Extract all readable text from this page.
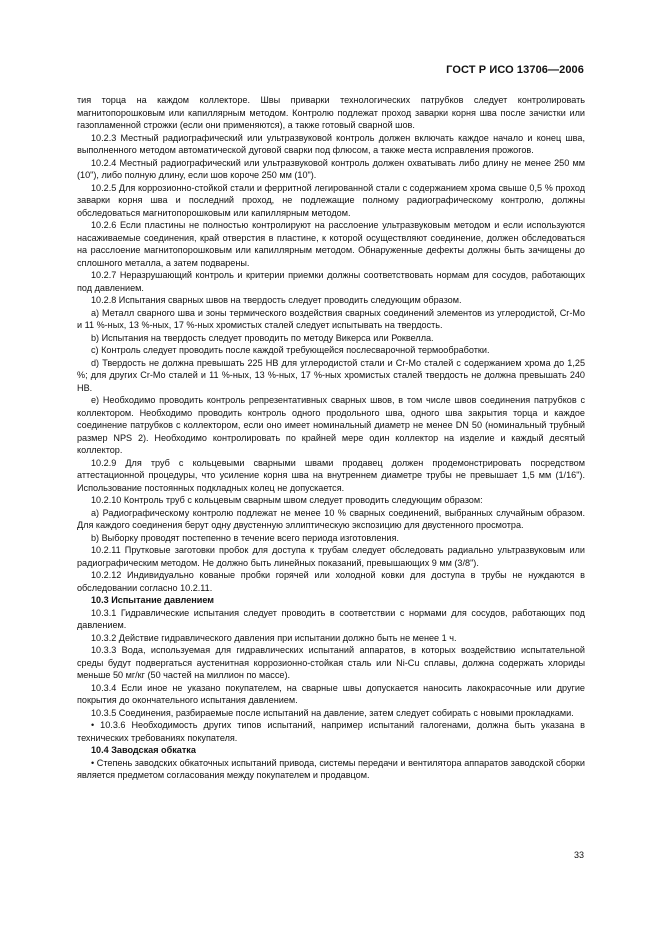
ГОСТ Р ИСО 13706—2006

тия торца на каждом коллекторе. Швы приварки технологических патрубков следует контролировать магнитопорошковым или капиллярным методом. Контролю подлежат проход заварки корня шва после зачистки или газопламенной строжки (если они применяются), а также готовый сварной шов.

10.2.3 Местный радиографический или ультразвуковой контроль должен включать каждое начало и конец шва, выполненного методом автоматической дуговой сварки под флюсом, а также места исправления прожогов.

10.2.4 Местный радиографический или ультразвуковой контроль должен охватывать либо длину не менее 250 мм (10"), либо полную длину, если шов короче 250 мм (10").

10.2.5 Для коррозионно-стойкой стали и ферритной легированной стали с содержанием хрома свыше 0,5 % проход заварки корня шва и последний проход, не подлежащие полному радиографическому контролю, должны обследоваться магнитопорошковым или капиллярным методом.

10.2.6 Если пластины не полностью контролируют на расслоение ультразвуковым методом и если используются насаживаемые соединения, край отверстия в пластине, к которой осуществляют соединение, должен обследоваться на расслоение магнитопорошковым или капиллярным методом. Обнаруженные дефекты должны быть зачищены до сплошного металла, а затем подварены.

10.2.7 Неразрушающий контроль и критерии приемки должны соответствовать нормам для сосудов, работающих под давлением.

10.2.8 Испытания сварных швов на твердость следует проводить следующим образом.

а) Металл сварного шва и зоны термического воздействия сварных соединений элементов из углеродистой, Cr-Mo и 11 %-ных, 13 %-ных, 17 %-ных хромистых сталей следует испытывать на твердость.

b) Испытания на твердость следует проводить по методу Викерса или Роквелла.

c) Контроль следует проводить после каждой требующейся послесварочной термообработки.

d) Твердость не должна превышать 225 НВ для углеродистой стали и Cr-Mo сталей с содержанием хрома до 1,25 %; для других Cr-Mo сталей и 11 %-ных, 13 %-ных, 17 %-ных хромистых сталей твердость не должна превышать 240 НВ.

е) Необходимо проводить контроль репрезентативных сварных швов, в том числе швов соединения патрубков с коллектором. Необходимо проводить контроль одного продольного шва, одного шва закрытия торца и каждое соединение патрубков с коллектором, если оно имеет номинальный диаметр не менее DN 50 (номинальный трубный размер NPS 2). Необходимо контролировать по крайней мере один коллектор на изделие и каждый десятый коллектор.

10.2.9 Для труб с кольцевыми сварными швами продавец должен продемонстрировать посредством аттестационной процедуры, что усиление корня шва на внутреннем диаметре трубы не превышает 1,5 мм (1/16"). Использование постоянных подкладных колец не допускается.

10.2.10 Контроль труб с кольцевым сварным швом следует проводить следующим образом:

а) Радиографическому контролю подлежат не менее 10 % сварных соединений, выбранных случайным образом. Для каждого соединения берут одну двустенную эллиптическую экспозицию для двустенного просмотра.

b) Выборку проводят постепенно в течение всего периода изготовления.

10.2.11 Прутковые заготовки пробок для доступа к трубам следует обследовать радиально ультразвуковым или радиографическим методом. Не должно быть линейных показаний, превышающих 9 мм (3/8").

10.2.12 Индивидуально кованые пробки горячей или холодной ковки для доступа в трубы не нуждаются в обследовании согласно 10.2.11.

10.3 Испытание давлением

10.3.1 Гидравлические испытания следует проводить в соответствии с нормами для сосудов, работающих под давлением.

10.3.2 Действие гидравлического давления при испытании должно быть не менее 1 ч.

10.3.3 Вода, используемая для гидравлических испытаний аппаратов, в которых воздействию испытательной среды будут подвергаться аустенитная коррозионно-стойкая сталь или Ni-Cu сплавы, должна содержать хлориды меньше 50 мг/кг (50 частей на миллион по массе).

10.3.4 Если иное не указано покупателем, на сварные швы допускается наносить лакокрасочные или другие покрытия до окончательного испытания давлением.

10.3.5 Соединения, разбираемые после испытаний на давление, затем следует собирать с новыми прокладками.

• 10.3.6 Необходимость других типов испытаний, например испытаний галогенами, должна быть указана в технических требованиях покупателя.

10.4 Заводская обкатка

• Степень заводских обкаточных испытаний привода, системы передачи и вентилятора аппаратов заводской сборки является предметом согласования между покупателем и продавцом.

33
